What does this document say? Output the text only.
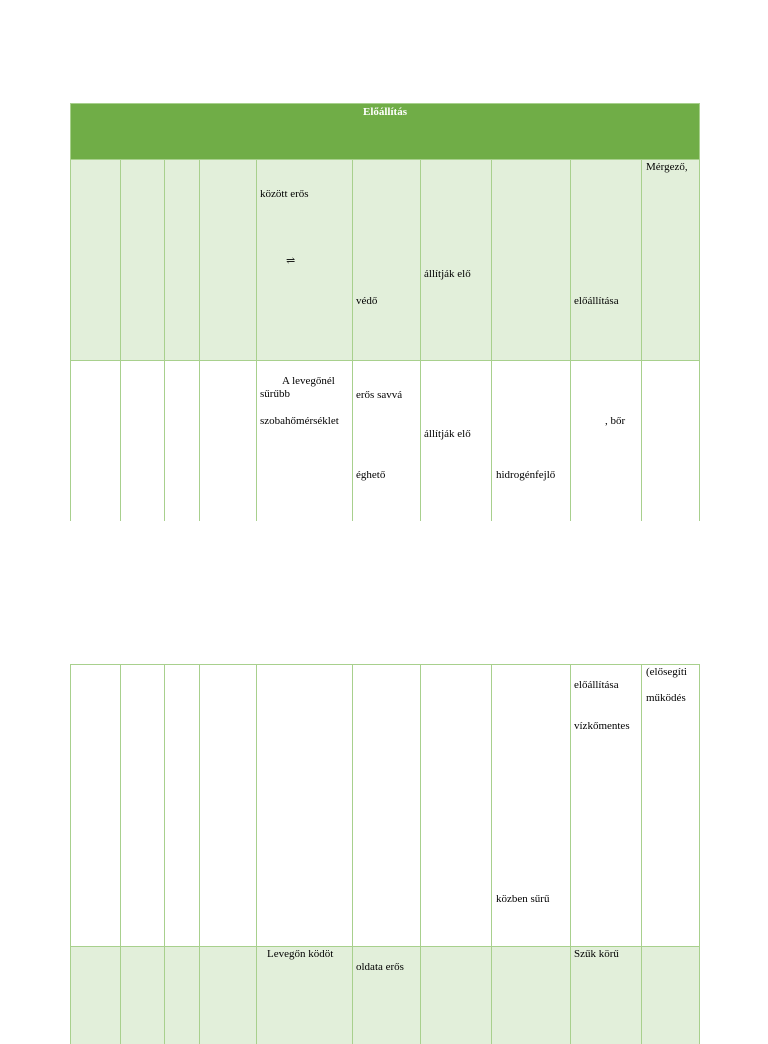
Előállítás
között erős
⇌
védő
állítják elő
előállítása
Mérgező,
A levegőnél
sűrűbb
szobahőmérséklet
erős savvá
éghető
állítják elő
hidrogénfejlő
, bőr
közben sűrű
előállítása
vízkőmentes
(elősegíti
működés
Levegőn ködöt
oldata erős
Szűk körű
